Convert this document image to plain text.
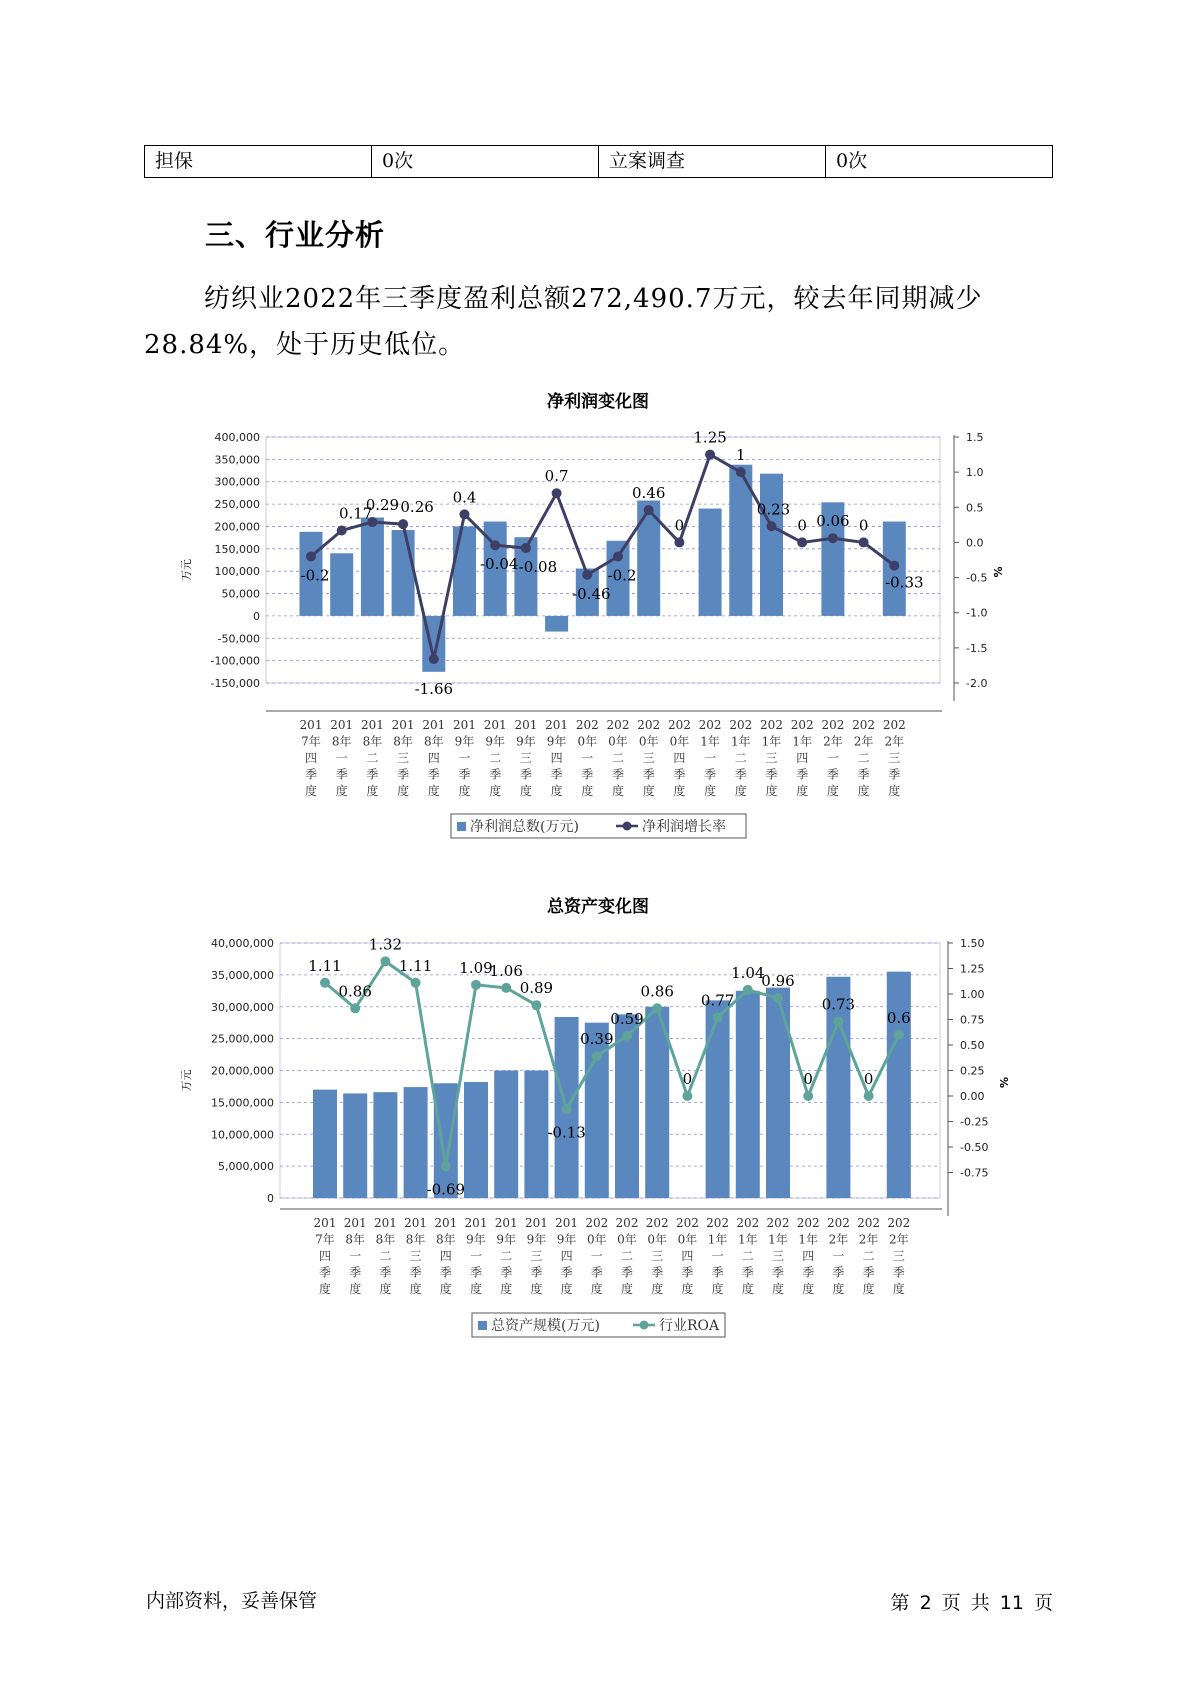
担保	0次	立案调查	0次
三、行业分析

纺织业2022年三季度盈利总额272,490.7万元，较去年同期减少28.84%，处于历史低位。

净利润变化图
400,000
350,000
300,000
250,000
200,000
150,000
100,000
50,000
0
-50,000
-100,000
-150,000
万元
1.5
1.0
0.5
0.0
-0.5
-1.0
-1.5
-2.0
%
-0.2
0.17
0.29 0.26
-1.66
0.4
-0.04 -0.08
0.7
-0.46
-0.2
0.46
0
1.25
1
0.23
0 0.06 0
-0.33
201 7年四季度
201 8年一季度
201 8年二季度
201 8年三季度
201 8年四季度
201 9年一季度
201 9年二季度
201 9年三季度
201 9年四季度
202 0年一季度
202 0年二季度
202 0年三季度
202 0年四季度
202 1年一季度
202 1年二季度
202 1年三季度
202 1年四季度
202 2年一季度
202 2年二季度
202 2年三季度
净利润总数(万元)	净利润增长率
总资产变化图
40,000,000
35,000,000
30,000,000
25,000,000
20,000,000
15,000,000
10,000,000
5,000,000
0
万元
1.50
1.25
1.00
0.75
0.50
0.25
0.00
-0.25
-0.50
-0.75
%
1.11
0.86
1.32
1.11
-0.69
1.09
1.06
0.89
-0.13
0.39
0.59
0.86
0
0.77
1.04
0.96
0
0.73
0
0.6
201 7年四季度
201 8年一季度
201 8年二季度
201 8年三季度
201 8年四季度
201 9年一季度
201 9年二季度
201 9年三季度
201 9年四季度
202 0年一季度
202 0年二季度
202 0年三季度
202 0年四季度
202 1年一季度
202 1年二季度
202 1年三季度
202 1年四季度
202 2年一季度
202 2年二季度
202 2年三季度
总资产规模(万元)	行业ROA
内部资料，妥善保管	第 2 页 共 11 页
